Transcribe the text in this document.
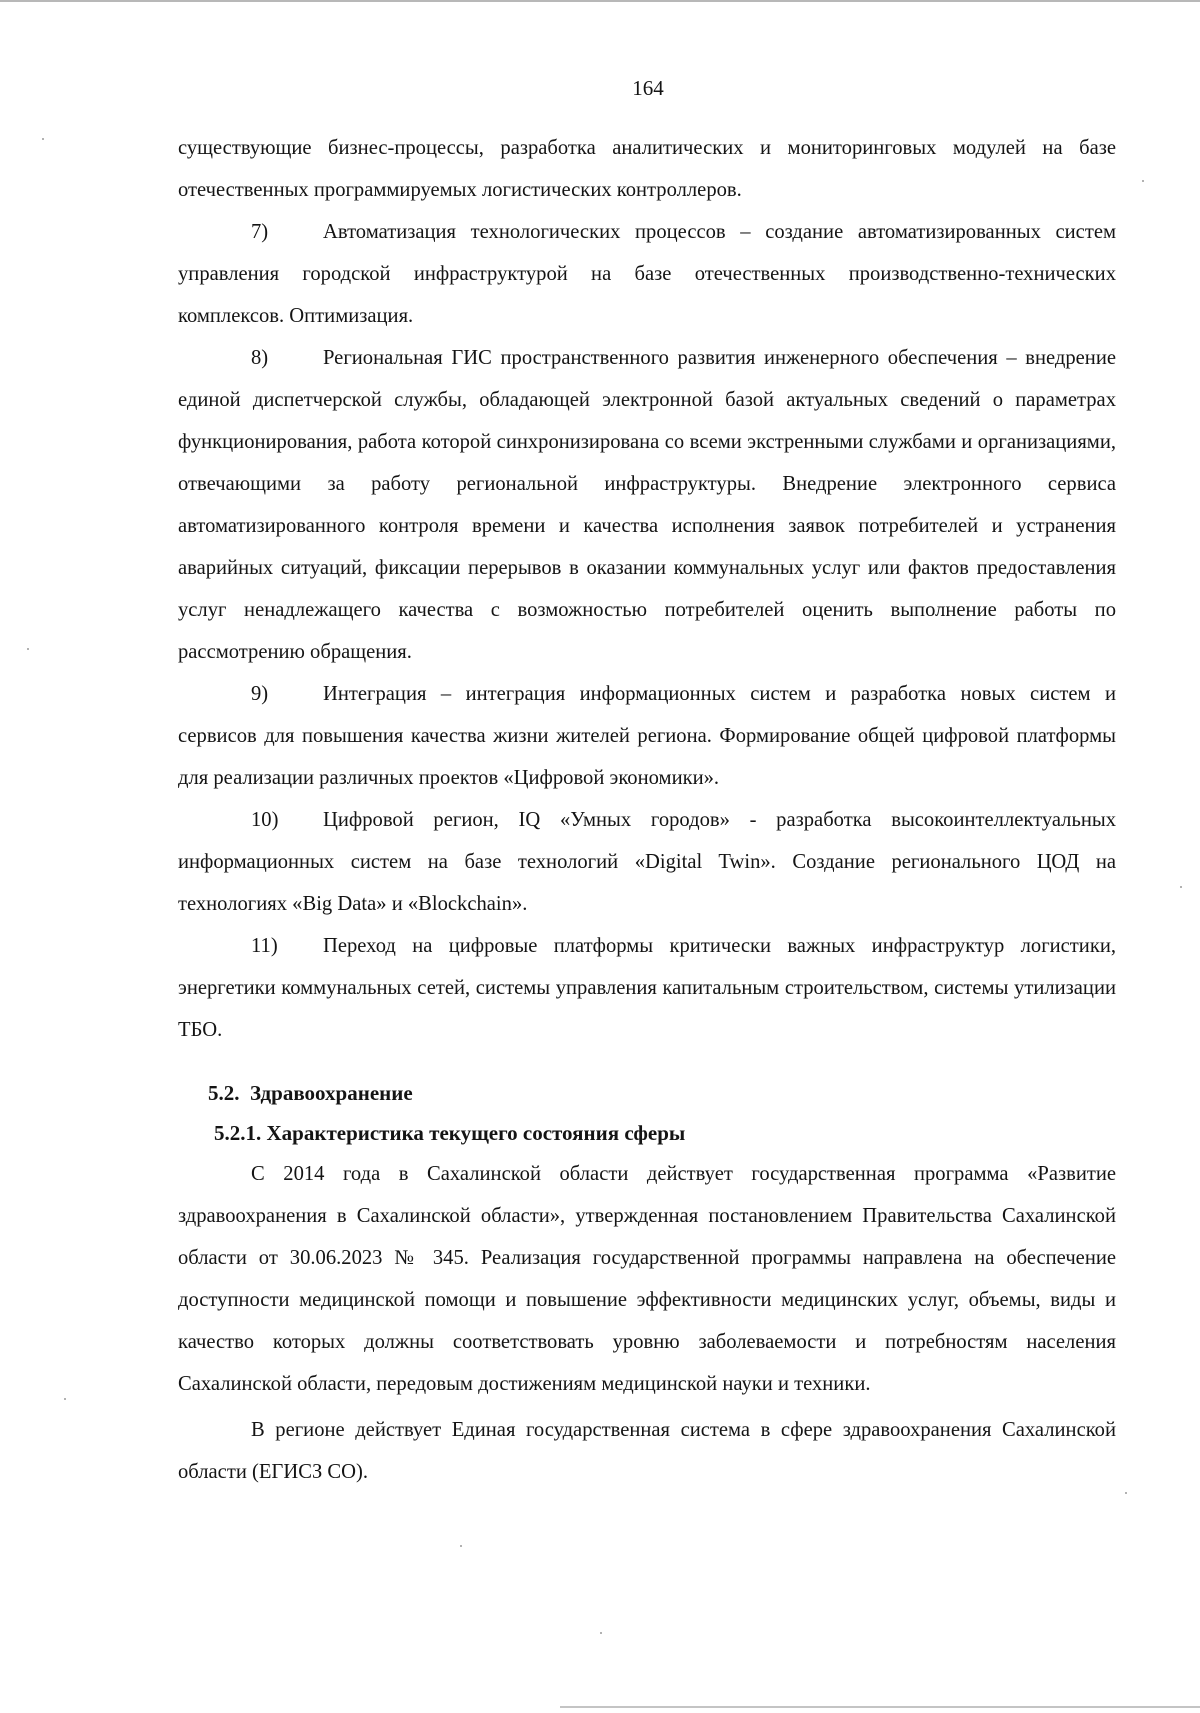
164

существующие бизнес-процессы, разработка аналитических и мониторинговых модулей на базе отечественных программируемых логистических контроллеров.

7)	Автоматизация технологических процессов – создание автоматизированных систем управления городской инфраструктурой на базе отечественных производственно-технических комплексов. Оптимизация.

8)	Региональная ГИС пространственного развития инженерного обеспечения – внедрение единой диспетчерской службы, обладающей электронной базой актуальных сведений о параметрах функционирования, работа которой синхронизирована со всеми экстренными службами и организациями, отвечающими за работу региональной инфраструктуры. Внедрение электронного сервиса автоматизированного контроля времени и качества исполнения заявок потребителей и устранения аварийных ситуаций, фиксации перерывов в оказании коммунальных услуг или фактов предоставления услуг ненадлежащего качества с возможностью потребителей оценить выполнение работы по рассмотрению обращения.

9)	Интеграция – интеграция информационных систем и разработка новых систем и сервисов для повышения качества жизни жителей региона. Формирование общей цифровой платформы для реализации различных проектов «Цифровой экономики».

10) Цифровой регион, IQ «Умных городов» - разработка высокоинтеллектуальных информационных систем на базе технологий «Digital Twin». Создание регионального ЦОД на технологиях «Big Data» и «Blockchain».

11) Переход на цифровые платформы критически важных инфраструктур логистики, энергетики коммунальных сетей, системы управления капитальным строительством, системы утилизации ТБО.

5.2. Здравоохранение

5.2.1. Характеристика текущего состояния сферы

С 2014 года в Сахалинской области действует государственная программа «Развитие здравоохранения в Сахалинской области», утвержденная постановлением Правительства Сахалинской области от 30.06.2023 № 345. Реализация государственной программы направлена на обеспечение доступности медицинской помощи и повышение эффективности медицинских услуг, объемы, виды и качество которых должны соответствовать уровню заболеваемости и потребностям населения Сахалинской области, передовым достижениям медицинской науки и техники.

В регионе действует Единая государственная система в сфере здравоохранения Сахалинской области (ЕГИСЗ СО).
